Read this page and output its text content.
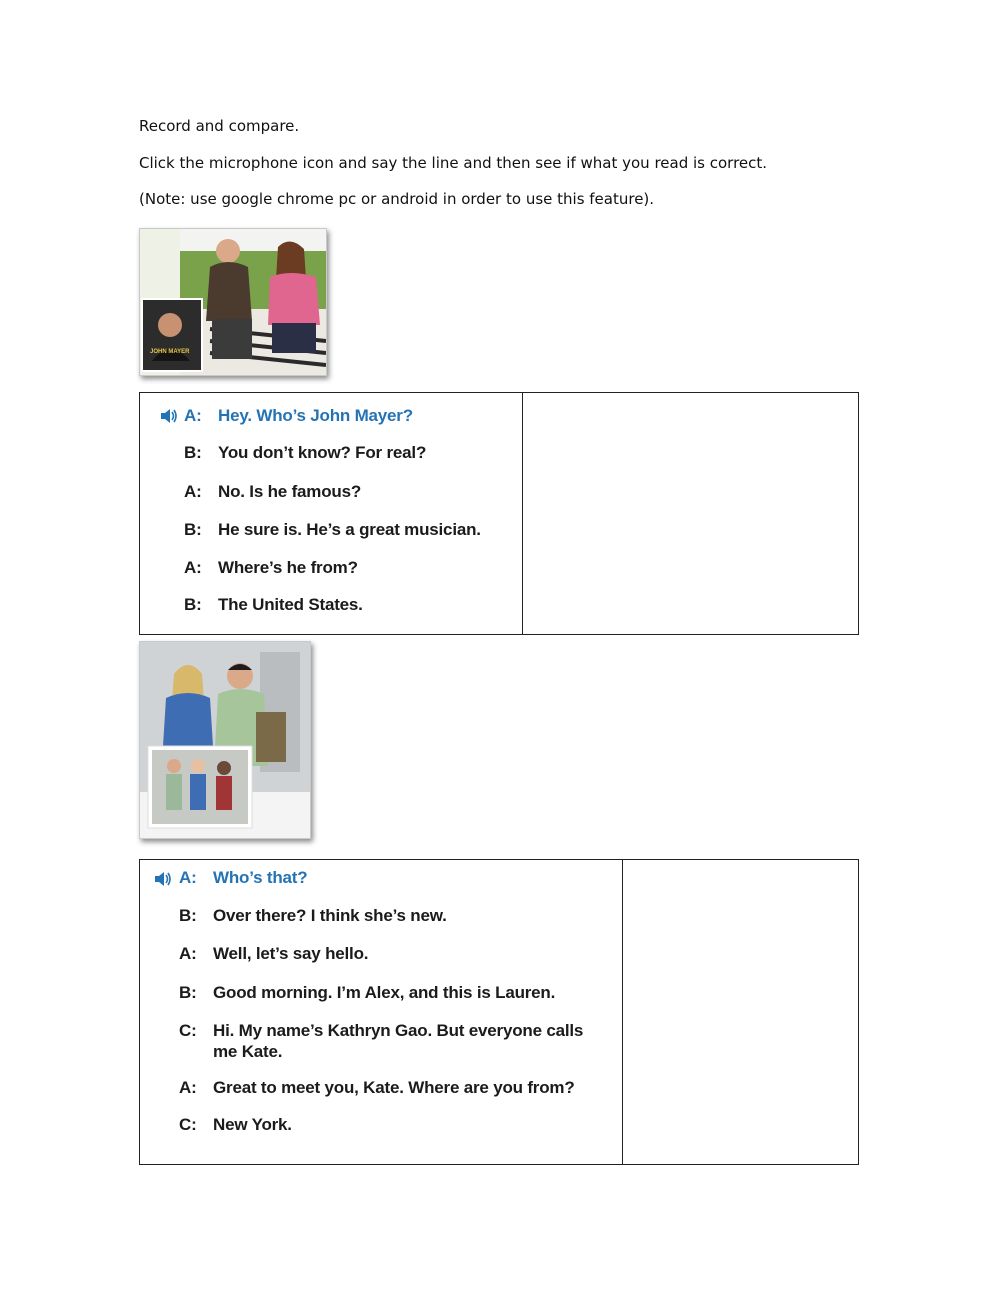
Record and compare.
Click the microphone icon and say the line and then see if what you read is correct.
(Note: use google chrome pc or android in order to use this feature).
JOHN MAYER
A: Hey. Who’s John Mayer?
B: You don’t know? For real?
A: No. Is he famous?
B: He sure is. He’s a great musician.
A: Where’s he from?
B: The United States.
A: Who’s that?
B: Over there? I think she’s new.
A: Well, let’s say hello.
B: Good morning. I’m Alex, and this is Lauren.
C: Hi. My name’s Kathryn Gao. But everyone calls me Kate.
A: Great to meet you, Kate. Where are you from?
C: New York.
